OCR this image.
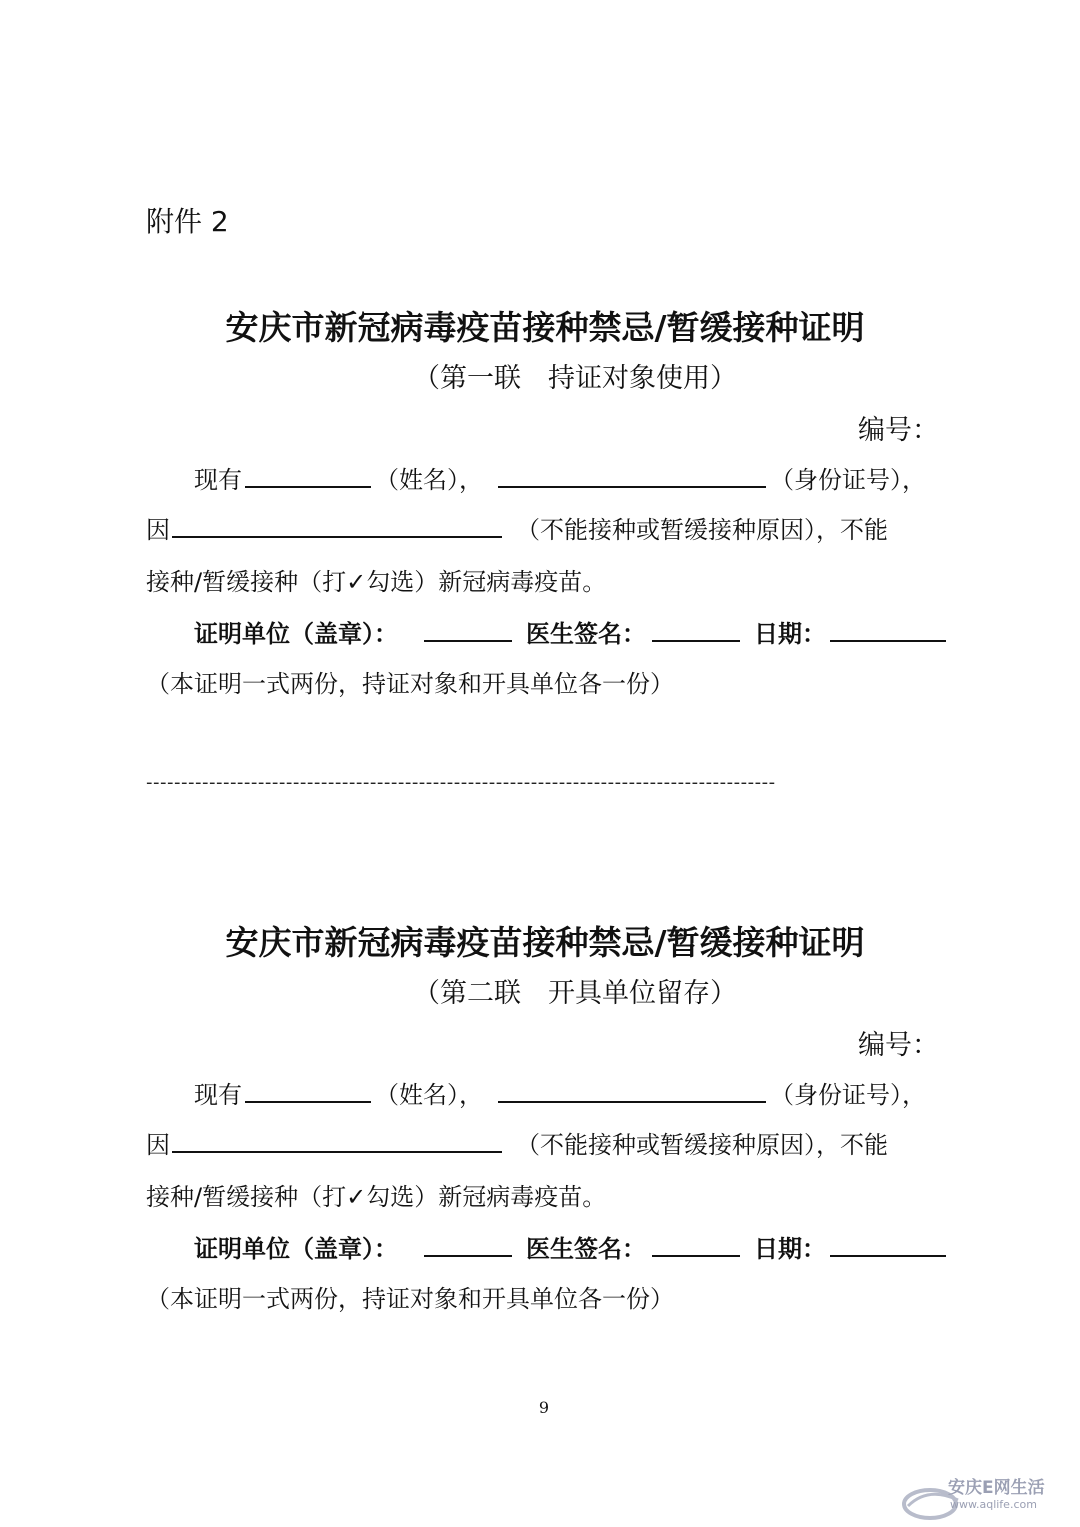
附件 2
安庆市新冠病毒疫苗接种禁忌/暂缓接种证明
（第一联　持证对象使用）
编号：
现有	（姓名），	（身份证号），
因	（不能接种或暂缓接种原因），不能
接种/暂缓接种（打✓勾选）新冠病毒疫苗。
证明单位（盖章）：	医生签名：	日期：
（本证明一式两份，持证对象和开具单位各一份）
------------------------------------------------------------------------------------------
安庆市新冠病毒疫苗接种禁忌/暂缓接种证明
（第二联　开具单位留存）
编号：
现有	（姓名），	（身份证号），
因	（不能接种或暂缓接种原因），不能
接种/暂缓接种（打✓勾选）新冠病毒疫苗。
证明单位（盖章）：	医生签名：	日期：
（本证明一式两份，持证对象和开具单位各一份）
9
安庆E网生活
www.aqlife.com
